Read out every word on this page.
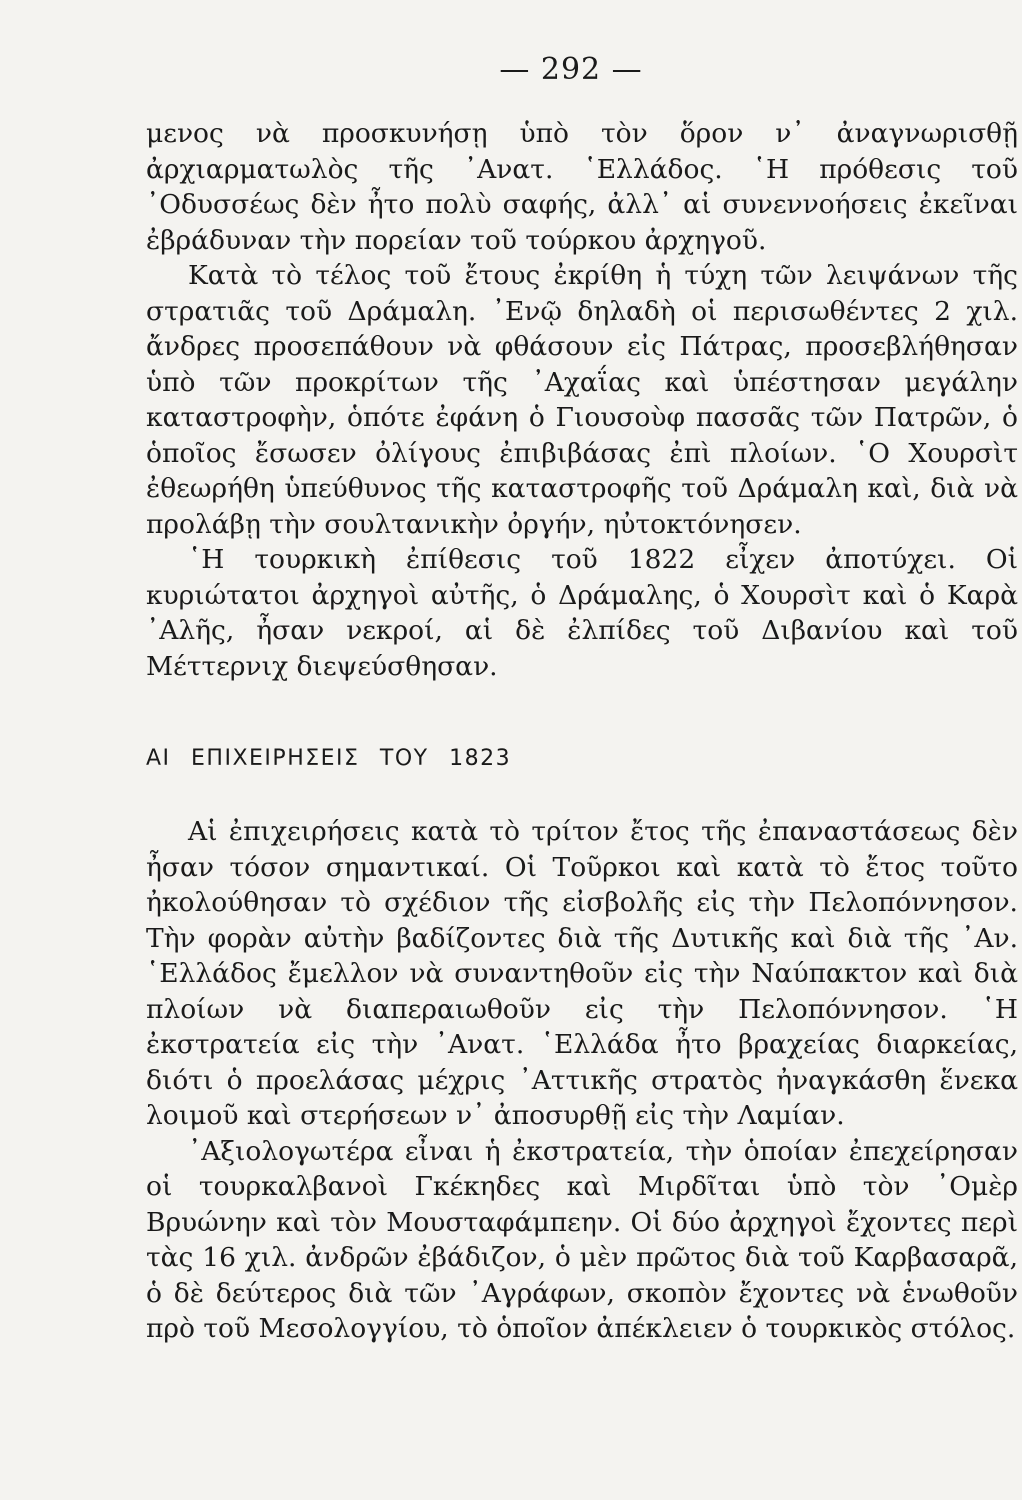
— 292 —

μενος νὰ προσκυνήσῃ ὑπὸ τὸν ὅρον ν᾽ ἀναγνωρισθῇ ἀρχιαρματωλὸς τῆς ᾿Ανατ. ῾Ελλάδος. ῾Η πρόθεσις τοῦ ᾿Οδυσσέως δὲν ἦτο πολὺ σαφής, ἀλλ᾽ αἱ συνεννοήσεις ἐκεῖναι ἐβράδυναν τὴν πορείαν τοῦ τούρκου ἀρχηγοῦ.

Κατὰ τὸ τέλος τοῦ ἔτους ἐκρίθη ἡ τύχη τῶν λειψάνων τῆς στρατιᾶς τοῦ Δράμαλη. ᾿Ενῷ δηλαδὴ οἱ περισωθέντες 2 χιλ. ἄνδρες προσεπάθουν νὰ φθάσουν εἰς Πάτρας, προσεβλήθησαν ὑπὸ τῶν προκρίτων τῆς ᾿Αχαΐας καὶ ὑπέστησαν μεγάλην καταστροφὴν, ὁπότε ἐφάνη ὁ Γιουσοὺφ πασσᾶς τῶν Πατρῶν, ὁ ὁποῖος ἔσωσεν ὀλίγους ἐπιβιβάσας ἐπὶ πλοίων. ῾Ο Χουρσὶτ ἐθεωρήθη ὑπεύθυνος τῆς καταστροφῆς τοῦ Δράμαλη καὶ, διὰ νὰ προλάβῃ τὴν σουλτανικὴν ὀργήν, ηὐτοκτόνησεν.

῾Η τουρκικὴ ἐπίθεσις τοῦ 1822 εἶχεν ἀποτύχει. Οἱ κυριώτατοι ἀρχηγοὶ αὐτῆς, ὁ Δράμαλης, ὁ Χουρσὶτ καὶ ὁ Καρὰ ᾿Αλῆς, ἦσαν νεκροί, αἱ δὲ ἐλπίδες τοῦ Διβανίου καὶ τοῦ Μέττερνιχ διεψεύσθησαν.

ΑΙ ΕΠΙΧΕΙΡΗΣΕΙΣ ΤΟΥ 1823

Αἱ ἐπιχειρήσεις κατὰ τὸ τρίτον ἔτος τῆς ἐπαναστάσεως δὲν ἦσαν τόσον σημαντικαί. Οἱ Τοῦρκοι καὶ κατὰ τὸ ἔτος τοῦτο ἠκολούθησαν τὸ σχέδιον τῆς εἰσβολῆς εἰς τὴν Πελοπόννησον. Τὴν φορὰν αὐτὴν βαδίζοντες διὰ τῆς Δυτικῆς καὶ διὰ τῆς ᾿Αν. ῾Ελλάδος ἔμελλον νὰ συναντηθοῦν εἰς τὴν Ναύπακτον καὶ διὰ πλοίων νὰ διαπεραιωθοῦν εἰς τὴν Πελοπόννησον. ῾Η ἐκστρατεία εἰς τὴν ᾿Ανατ. ῾Ελλάδα ἦτο βραχείας διαρκείας, διότι ὁ προελάσας μέχρις ᾿Αττικῆς στρατὸς ἠναγκάσθη ἕνεκα λοιμοῦ καὶ στερήσεων ν᾽ ἀποσυρθῇ εἰς τὴν Λαμίαν.

᾿Αξιολογωτέρα εἶναι ἡ ἐκστρατεία, τὴν ὁποίαν ἐπεχείρησαν οἱ τουρκαλβανοὶ Γκέκηδες καὶ Μιρδῖται ὑπὸ τὸν ᾿Ομὲρ Βρυώνην καὶ τὸν Μουσταφάμπεην. Οἱ δύο ἀρχηγοὶ ἔχοντες περὶ τὰς 16 χιλ. ἀνδρῶν ἐβάδιζον, ὁ μὲν πρῶτος διὰ τοῦ Καρβασαρᾶ, ὁ δὲ δεύτερος διὰ τῶν ᾿Αγράφων, σκοπὸν ἔχοντες νὰ ἑνωθοῦν πρὸ τοῦ Μεσολογγίου, τὸ ὁποῖον ἀπέκλειεν ὁ τουρκικὸς στόλος.
